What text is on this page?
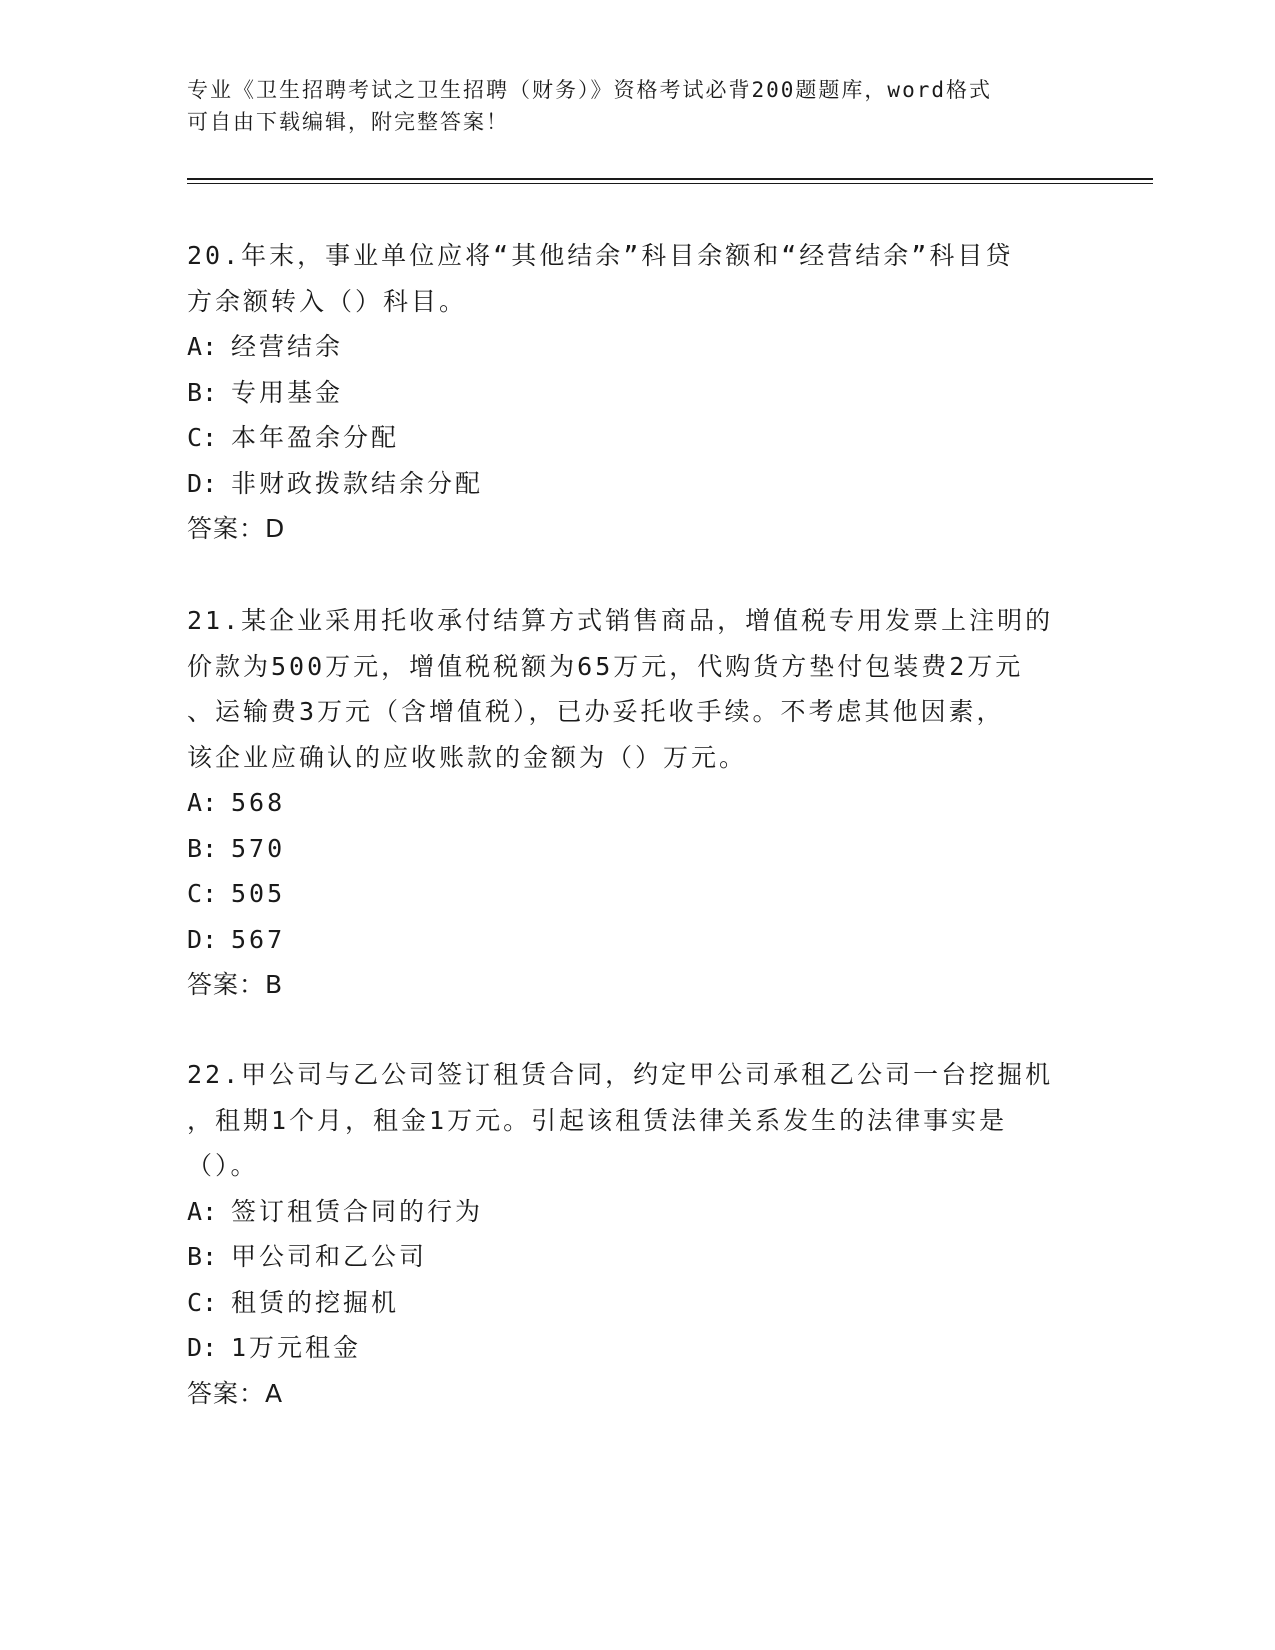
专业《卫生招聘考试之卫生招聘（财务）》资格考试必背200题题库，word格式
可自由下载编辑，附完整答案！
20.年末，事业单位应将“其他结余”科目余额和“经营结余”科目贷
方余额转入（）科目。
A: 经营结余
B: 专用基金
C: 本年盈余分配
D: 非财政拨款结余分配
答案：D
21.某企业采用托收承付结算方式销售商品，增值税专用发票上注明的
价款为500万元，增值税税额为65万元，代购货方垫付包装费2万元
、运输费3万元（含增值税），已办妥托收手续。不考虑其他因素，
该企业应确认的应收账款的金额为（）万元。
A: 568
B: 570
C: 505
D: 567
答案：B
22.甲公司与乙公司签订租赁合同，约定甲公司承租乙公司一台挖掘机
，租期1个月，租金1万元。引起该租赁法律关系发生的法律事实是
（）。
A: 签订租赁合同的行为
B: 甲公司和乙公司
C: 租赁的挖掘机
D: 1万元租金
答案：A
